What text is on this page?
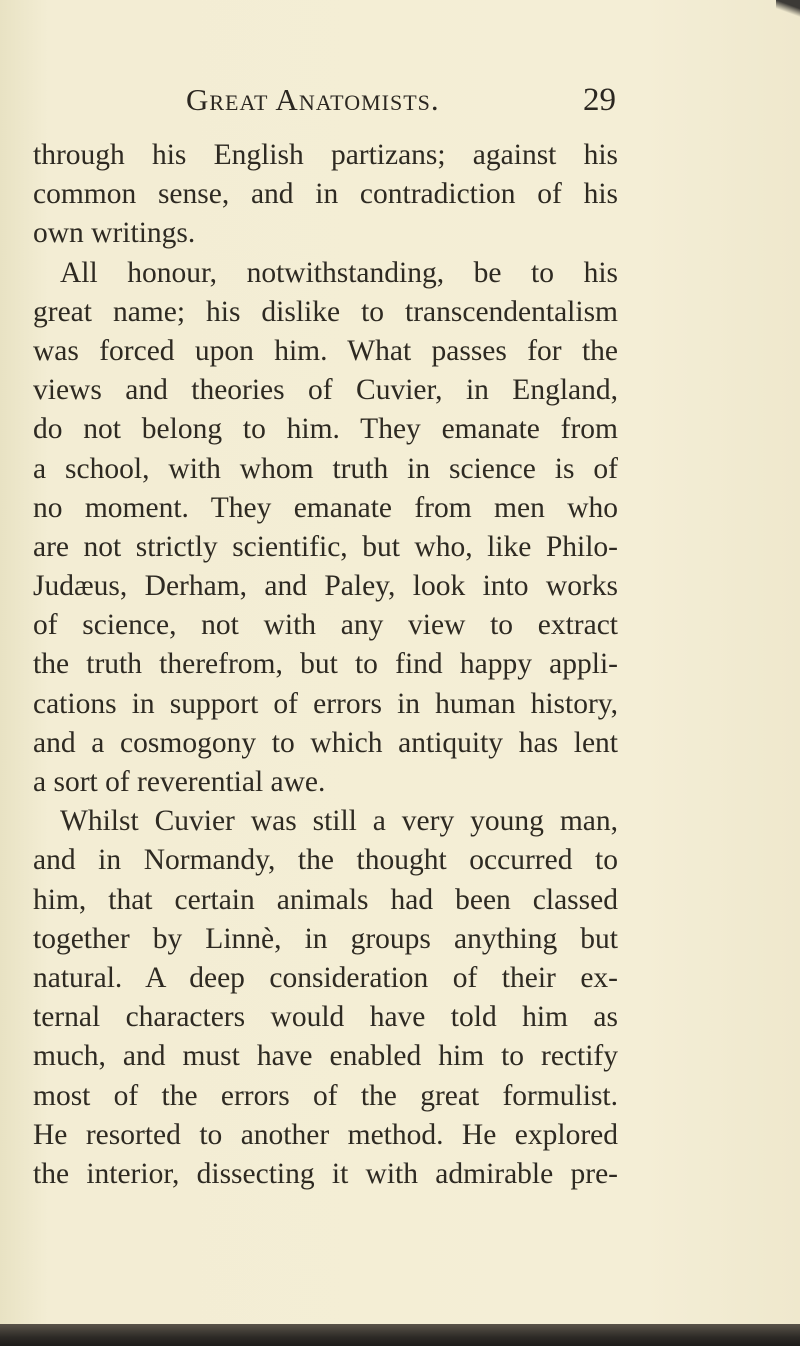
Great Anatomists.	29
through his English partizans; against his
common sense, and in contradiction of his
own writings.
All honour, notwithstanding, be to his
great name; his dislike to transcendentalism
was forced upon him. What passes for the
views and theories of Cuvier, in England,
do not belong to him. They emanate from
a school, with whom truth in science is of
no moment. They emanate from men who
are not strictly scientific, but who, like Philo-
Judæus, Derham, and Paley, look into works
of science, not with any view to extract
the truth therefrom, but to find happy appli-
cations in support of errors in human history,
and a cosmogony to which antiquity has lent
a sort of reverential awe.
Whilst Cuvier was still a very young man,
and in Normandy, the thought occurred to
him, that certain animals had been classed
together by Linnè, in groups anything but
natural. A deep consideration of their ex-
ternal characters would have told him as
much, and must have enabled him to rectify
most of the errors of the great formulist.
He resorted to another method. He explored
the interior, dissecting it with admirable pre-
